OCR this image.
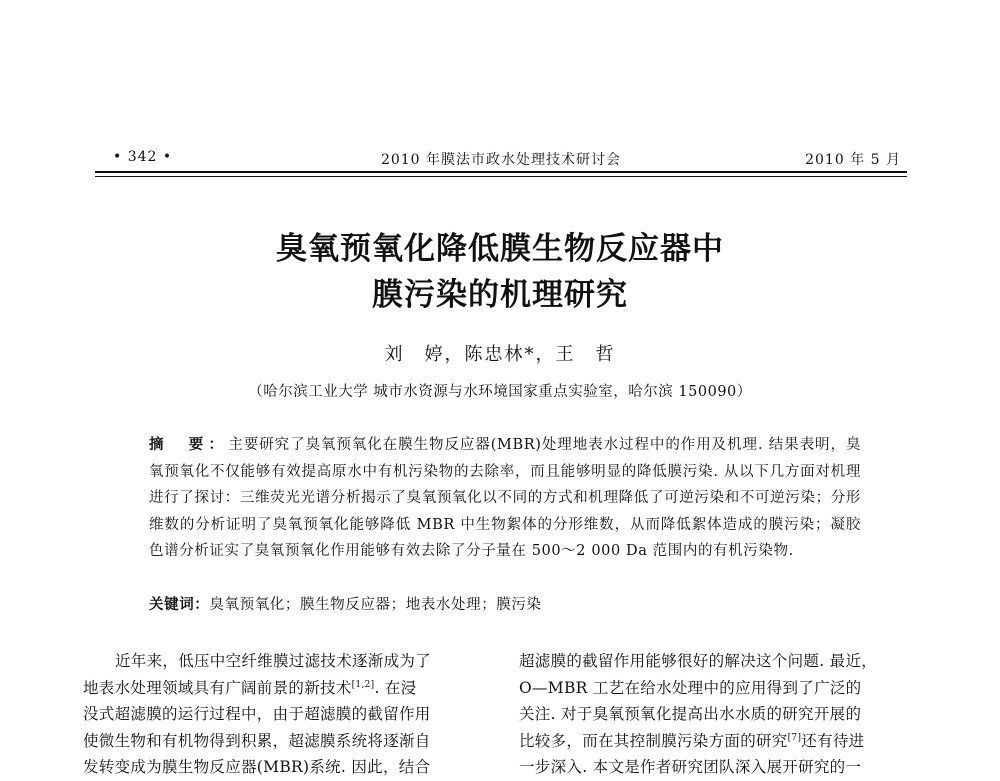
• 342 •	2010 年膜法市政水处理技术研讨会	2010 年 5 月
臭氧预氧化降低膜生物反应器中
膜污染的机理研究
刘　婷，陈忠林*，王　哲
（哈尔滨工业大学 城市水资源与水环境国家重点实验室，哈尔滨 150090）
摘　要：主要研究了臭氧预氧化在膜生物反应器(MBR)处理地表水过程中的作用及机理. 结果表明，臭氧预氧化不仅能够有效提高原水中有机污染物的去除率，而且能够明显的降低膜污染. 从以下几方面对机理进行了探讨：三维荧光光谱分析揭示了臭氧预氧化以不同的方式和机理降低了可逆污染和不可逆污染；分形维数的分析证明了臭氧预氧化能够降低 MBR 中生物絮体的分形维数，从而降低絮体造成的膜污染；凝胶色谱分析证实了臭氧预氧化作用能够有效去除了分子量在 500～2 000 Da 范围内的有机污染物.
关键词：臭氧预氧化；膜生物反应器；地表水处理；膜污染
近年来，低压中空纤维膜过滤技术逐渐成为了
地表水处理领域具有广阔前景的新技术[1,2]. 在浸
没式超滤膜的运行过程中，由于超滤膜的截留作用
使微生物和有机物得到积累，超滤膜系统将逐渐自
发转变成为膜生物反应器(MBR)系统. 因此，结合
超滤膜的截留作用能够很好的解决这个问题. 最近，
O—MBR 工艺在给水处理中的应用得到了广泛的
关注. 对于臭氧预氧化提高出水水质的研究开展的
比较多，而在其控制膜污染方面的研究[7]还有待进
一步深入. 本文是作者研究团队深入展开研究的一
